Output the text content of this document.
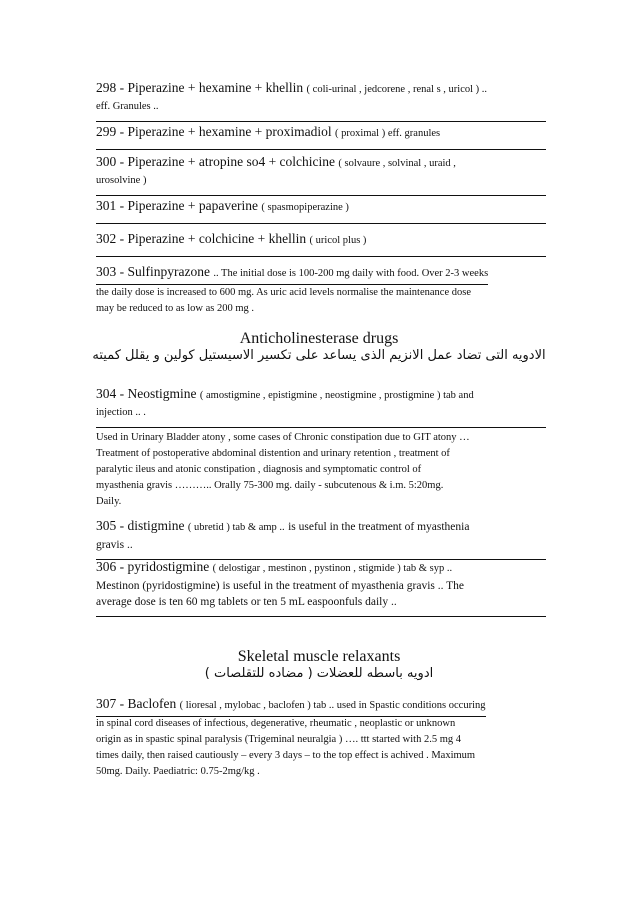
298 - Piperazine + hexamine + khellin ( coli-urinal , jedcorene , renal s , uricol ) ..
eff. Granules ..
299 - Piperazine + hexamine + proximadiol ( proximal ) eff. granules
300 - Piperazine + atropine so4 + colchicine ( solvaure , solvinal , uraid ,
urosolvine )
301 - Piperazine + papaverine ( spasmopiperazine )
302 - Piperazine + colchicine + khellin ( uricol plus )
303 - Sulfinpyrazone .. The initial dose is 100-200 mg daily with food. Over 2-3 weeks
the daily dose is increased to 600 mg. As uric acid levels normalise the maintenance dose
may be reduced to as low as 200 mg .
Anticholinesterase drugs
الادويه التى تضاد عمل الانزيم الذى يساعد على تكسير الاسيستيل كولين و يقلل كميته
304 - Neostigmine ( amostigmine , epistigmine , neostigmine , prostigmine ) tab and
injection .. .
Used in Urinary Bladder atony , some cases of Chronic constipation due to GIT atony …
Treatment of postoperative abdominal distention and urinary retention , treatment of
paralytic ileus and atonic constipation , diagnosis and symptomatic control of
myasthenia gravis ……….. Orally 75-300 mg. daily - subcutenous & i.m. 5:20mg.
Daily.
305 - distigmine ( ubretid ) tab & amp .. is useful in the treatment of myasthenia
gravis ..
306 - pyridostigmine ( delostigar , mestinon , pystinon , stigmide ) tab & syp ..
Mestinon (pyridostigmine) is useful in the treatment of myasthenia gravis .. The
average dose is ten 60 mg tablets or ten 5 mL easpoonfuls daily ..
Skeletal muscle relaxants
ادويه باسطه للعضلات ( مضاده للتقلصات )
307 - Baclofen ( lioresal , mylobac , baclofen ) tab .. used in Spastic conditions occuring
in spinal cord diseases of infectious, degenerative, rheumatic , neoplastic or unknown
origin as in spastic spinal paralysis (Trigeminal neuralgia ) …. ttt started with 2.5 mg 4
times daily, then raised cautiously – every 3 days – to the top effect is achived . Maximum
50mg. Daily. Paediatric: 0.75-2mg/kg .
